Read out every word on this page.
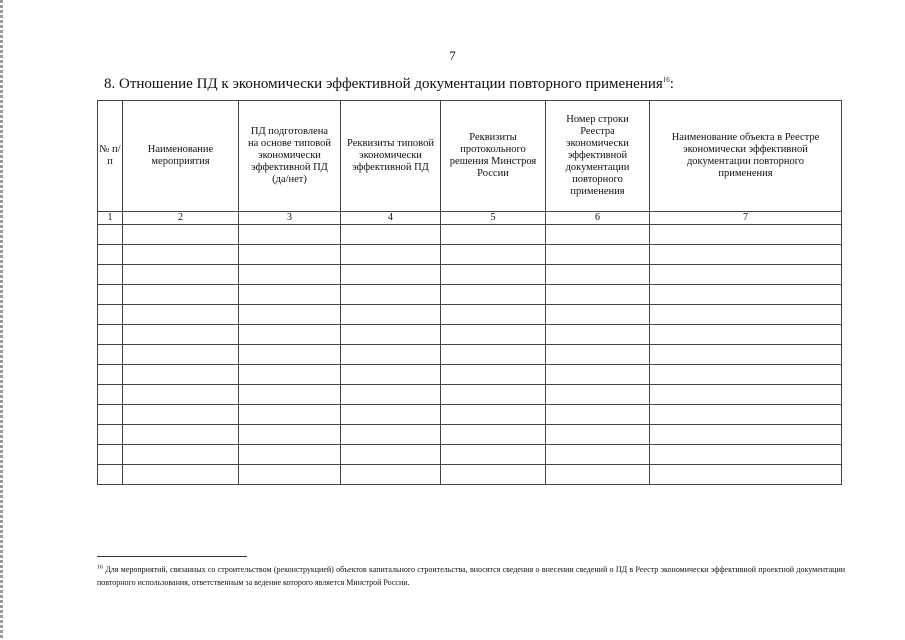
7
8. Отношение ПД к экономически эффективной документации повторного применения$^{16}$:
№ п/ п	Наименование мероприятия	ПД подготовлена на основе типовой экономически эффективной ПД (да/нет)	Реквизиты типовой экономически эффективной ПД	Реквизиты протокольного решения Минстроя России	Номер строки Реестра экономически эффективной документации повторного применения	Наименование объекта в Реестре экономически эффективной документации повторного применения

1	2	3	4	5	6	7

$^{16}$ Для мероприятий, связанных со строительством (реконструкцией) объектов капитального строительства, вносятся сведения о внесении сведений о ПД в Реестр экономически эффективной проектной документации повторного использования, ответственным за ведение которого является Минстрой России.
